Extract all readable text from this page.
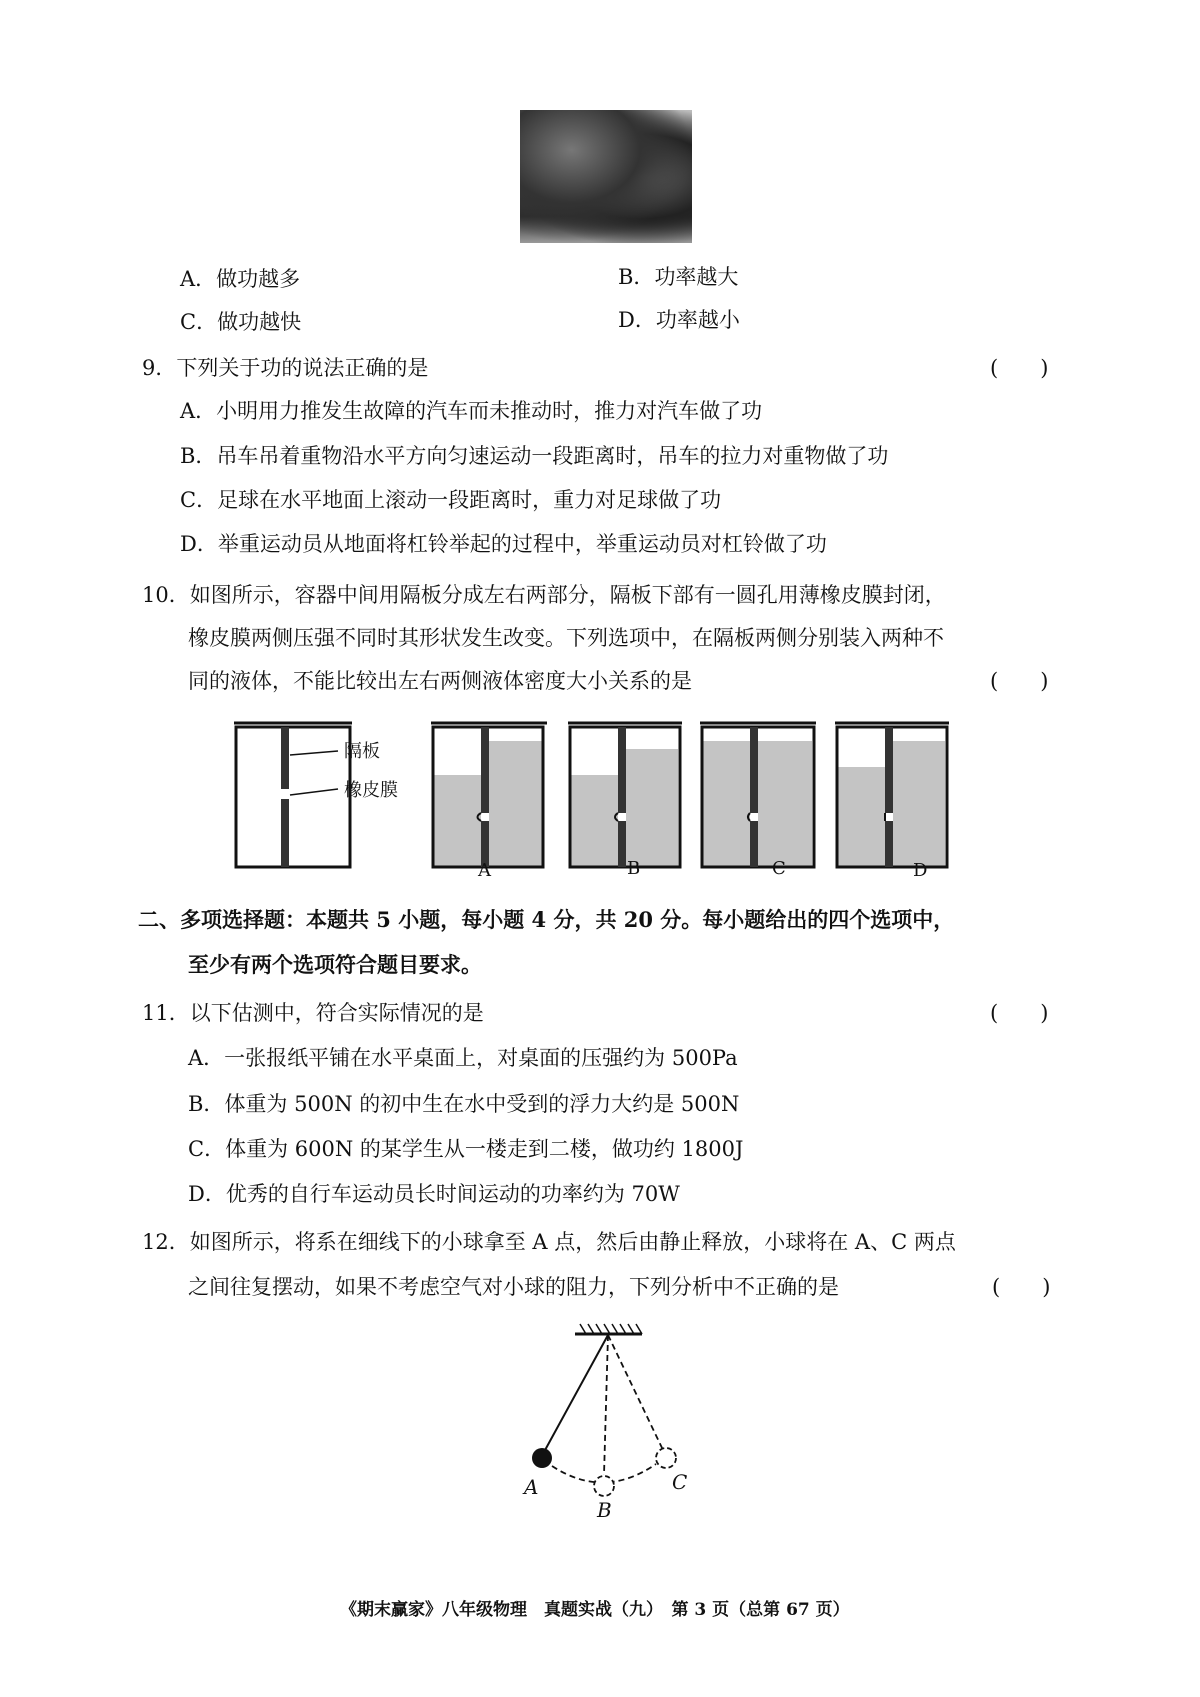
A．做功越多	B．功率越大
C．做功越快	D．功率越小
9．下列关于功的说法正确的是	(　　)
A．小明用力推发生故障的汽车而未推动时，推力对汽车做了功
B．吊车吊着重物沿水平方向匀速运动一段距离时，吊车的拉力对重物做了功
C．足球在水平地面上滚动一段距离时，重力对足球做了功
D．举重运动员从地面将杠铃举起的过程中，举重运动员对杠铃做了功
10．如图所示，容器中间用隔板分成左右两部分，隔板下部有一圆孔用薄橡皮膜封闭，
橡皮膜两侧压强不同时其形状发生改变。下列选项中，在隔板两侧分别装入两种不
同的液体，不能比较出左右两侧液体密度大小关系的是	(　　)
隔板
橡皮膜
A	B	C	D
二、多项选择题：本题共 5 小题，每小题 4 分，共 20 分。每小题给出的四个选项中，
至少有两个选项符合题目要求。
11．以下估测中，符合实际情况的是	(　　)
A．一张报纸平铺在水平桌面上，对桌面的压强约为 500Pa
B．体重为 500N 的初中生在水中受到的浮力大约是 500N
C．体重为 600N 的某学生从一楼走到二楼，做功约 1800J
D．优秀的自行车运动员长时间运动的功率约为 70W
12．如图所示，将系在细线下的小球拿至 A 点，然后由静止释放，小球将在 A、C 两点
之间往复摆动，如果不考虑空气对小球的阻力，下列分析中不正确的是	(　　)
A
B
C
《期末赢家》八年级物理　真题实战（九）　第 3 页（总第 67 页）
